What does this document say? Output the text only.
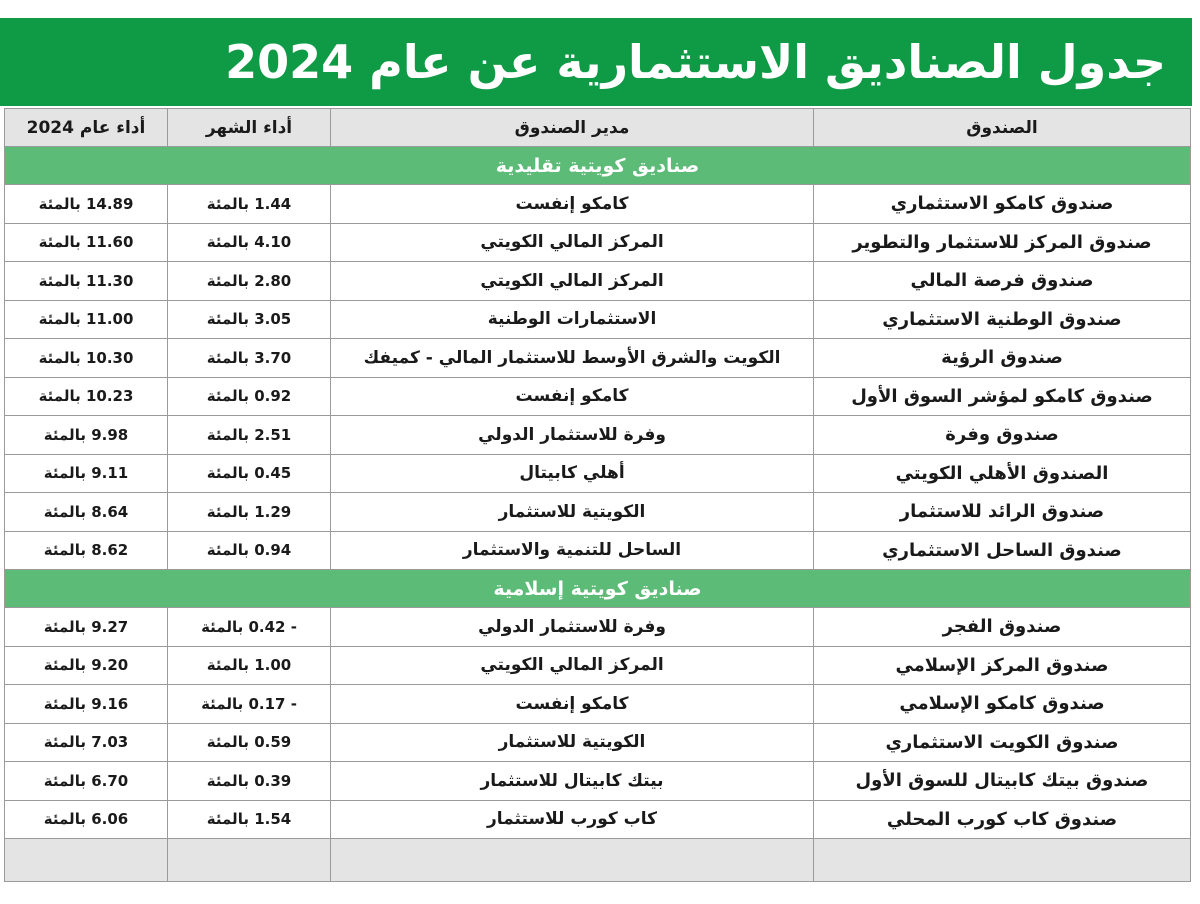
جدول الصناديق الاستثمارية عن عام 2024
الصندوق	مدير الصندوق	أداء الشهر	أداء عام 2024
صناديق كويتية تقليدية			
صندوق كامكو الاستثماري	كامكو إنفست	1.44 بالمئة	14.89 بالمئة
صندوق المركز للاستثمار والتطوير	المركز المالي الكويتي	4.10 بالمئة	11.60 بالمئة
صندوق فرصة المالي	المركز المالي الكويتي	2.80 بالمئة	11.30 بالمئة
صندوق الوطنية الاستثماري	الاستثمارات الوطنية	3.05 بالمئة	11.00 بالمئة
صندوق الرؤية	الكويت والشرق الأوسط للاستثمار المالي - كميفك	3.70 بالمئة	10.30 بالمئة
صندوق كامكو لمؤشر السوق الأول	كامكو إنفست	0.92 بالمئة	10.23 بالمئة
صندوق وفرة	وفرة للاستثمار الدولي	2.51 بالمئة	9.98 بالمئة
الصندوق الأهلي الكويتي	أهلي كابيتال	0.45 بالمئة	9.11 بالمئة
صندوق الرائد للاستثمار	الكويتية للاستثمار	1.29 بالمئة	8.64 بالمئة
صندوق الساحل الاستثماري	الساحل للتنمية والاستثمار	0.94 بالمئة	8.62 بالمئة
صناديق كويتية إسلامية			
صندوق الفجر	وفرة للاستثمار الدولي	- 0.42 بالمئة	9.27 بالمئة
صندوق المركز الإسلامي	المركز المالي الكويتي	1.00 بالمئة	9.20 بالمئة
صندوق كامكو الإسلامي	كامكو إنفست	- 0.17 بالمئة	9.16 بالمئة
صندوق الكويت الاستثماري	الكويتية للاستثمار	0.59 بالمئة	7.03 بالمئة
صندوق بيتك كابيتال للسوق الأول	بيتك كابيتال للاستثمار	0.39 بالمئة	6.70 بالمئة
صندوق كاب كورب المحلي	كاب كورب للاستثمار	1.54 بالمئة	6.06 بالمئة
